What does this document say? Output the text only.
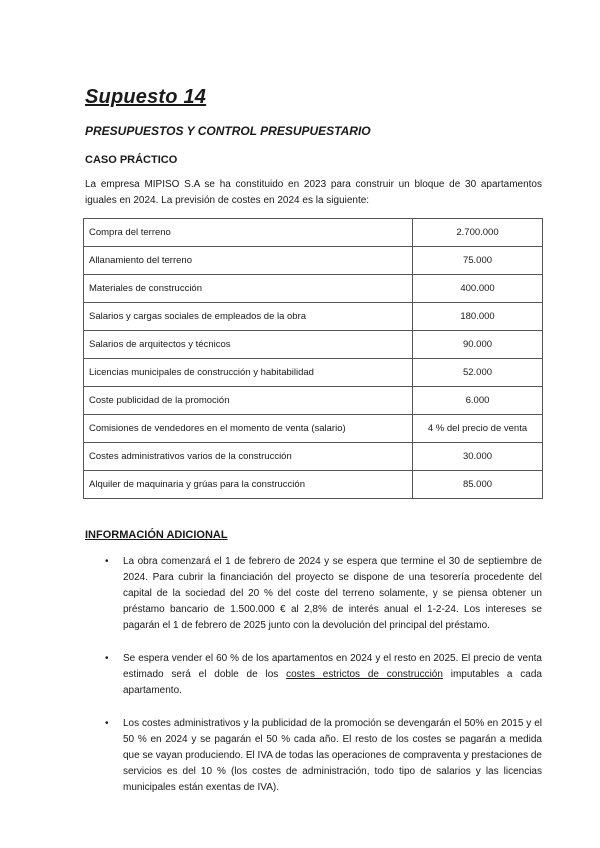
Supuesto 14
PRESUPUESTOS Y CONTROL PRESUPUESTARIO
CASO PRÁCTICO

La empresa MIPISO S.A se ha constituido en 2023 para construir un bloque de 30 apartamentos iguales en 2024. La previsión de costes en 2024 es la siguiente:

Compra del terreno	2.700.000
Allanamiento del terreno	75.000
Materiales de construcción	400.000
Salarios y cargas sociales de empleados de la obra	180.000
Salarios de arquitectos y técnicos	90.000
Licencias municipales de construcción y habitabilidad	52.000
Coste publicidad de la promoción	6.000
Comisiones de vendedores en el momento de venta (salario)	4 % del precio de venta
Costes administrativos varios de la construcción	30.000
Alquiler de maquinaria y grúas para la construcción	85.000
INFORMACIÓN ADICIONAL
• La obra comenzará el 1 de febrero de 2024 y se espera que termine el 30 de septiembre de 2024. Para cubrir la financiación del proyecto se dispone de una tesorería procedente del capital de la sociedad del 20 % del coste del terreno solamente, y se piensa obtener un préstamo bancario de 1.500.000 € al 2,8% de interés anual el 1-2-24. Los intereses se pagarán el 1 de febrero de 2025 junto con la devolución del principal del préstamo.
• Se espera vender el 60 % de los apartamentos en 2024 y el resto en 2025. El precio de venta estimado será el doble de los costes estrictos de construcción imputables a cada apartamento.
• Los costes administrativos y la publicidad de la promoción se devengarán el 50% en 2015 y el 50 % en 2024 y se pagarán el 50 % cada año. El resto de los costes se pagarán a medida que se vayan produciendo. El IVA de todas las operaciones de compraventa y prestaciones de servicios es del 10 % (los costes de administración, todo tipo de salarios y las licencias municipales están exentas de IVA).
